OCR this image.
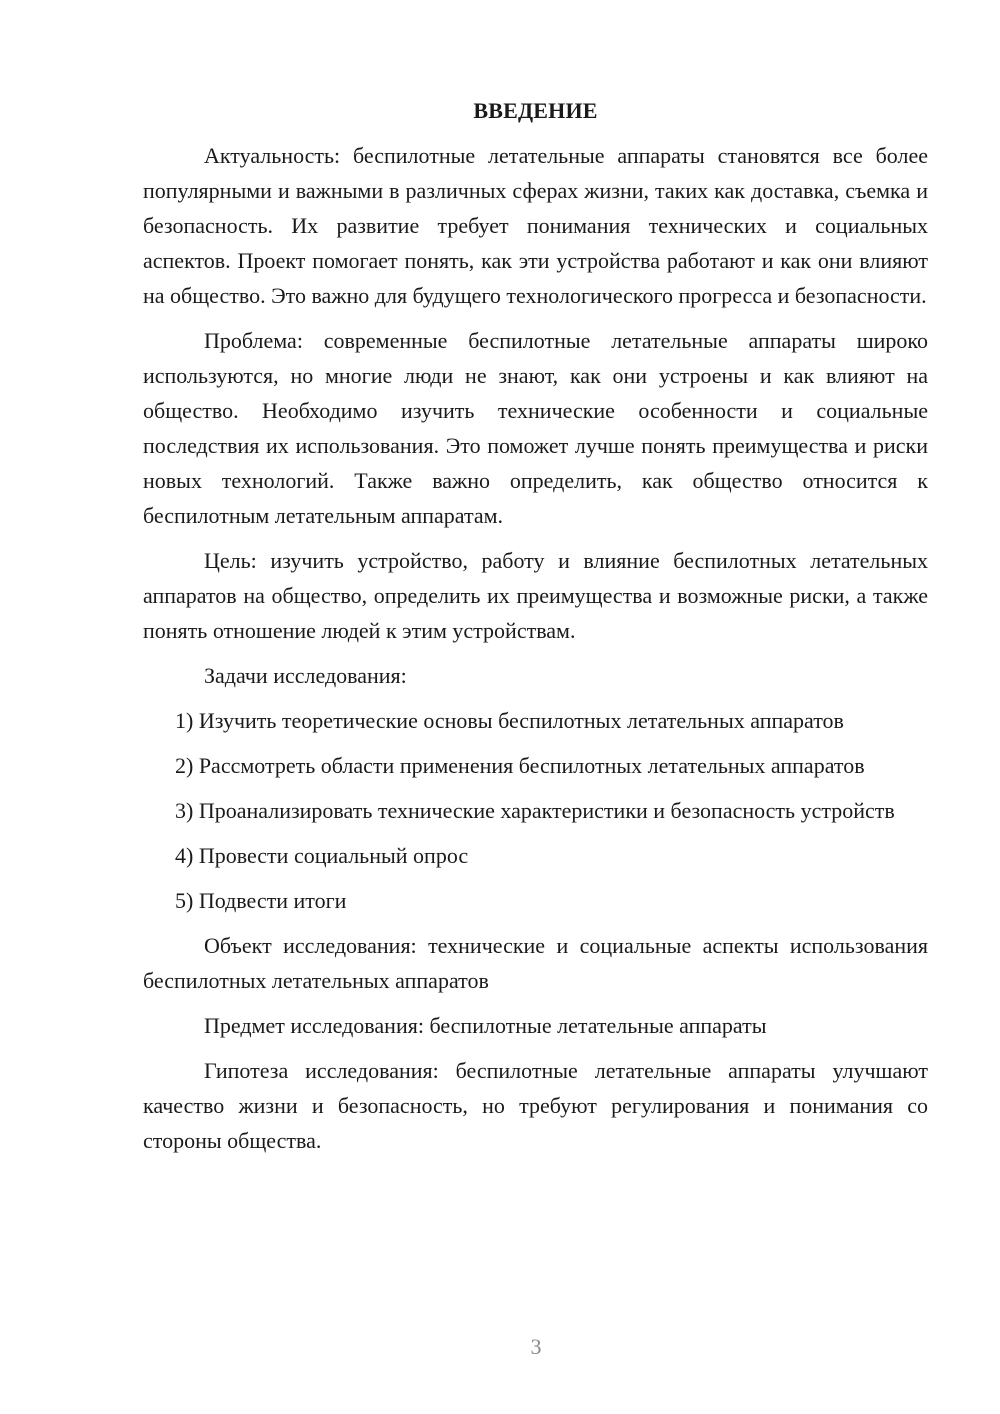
ВВЕДЕНИЕ

Актуальность: беспилотные летательные аппараты становятся все более популярными и важными в различных сферах жизни, таких как доставка, съемка и безопасность. Их развитие требует понимания технических и социальных аспектов. Проект помогает понять, как эти устройства работают и как они влияют на общество. Это важно для будущего технологического прогресса и безопасности.

Проблема: современные беспилотные летательные аппараты широко используются, но многие люди не знают, как они устроены и как влияют на общество. Необходимо изучить технические особенности и социальные последствия их использования. Это поможет лучше понять преимущества и риски новых технологий. Также важно определить, как общество относится к беспилотным летательным аппаратам.

Цель: изучить устройство, работу и влияние беспилотных летательных аппаратов на общество, определить их преимущества и возможные риски, а также понять отношение людей к этим устройствам.

Задачи исследования:

1) Изучить теоретические основы беспилотных летательных аппаратов

2) Рассмотреть области применения беспилотных летательных аппаратов

3) Проанализировать технические характеристики и безопасность устройств

4) Провести социальный опрос

5) Подвести итоги

Объект исследования: технические и социальные аспекты использования беспилотных летательных аппаратов

Предмет исследования: беспилотные летательные аппараты

Гипотеза исследования: беспилотные летательные аппараты улучшают качество жизни и безопасность, но требуют регулирования и понимания со стороны общества.

3
